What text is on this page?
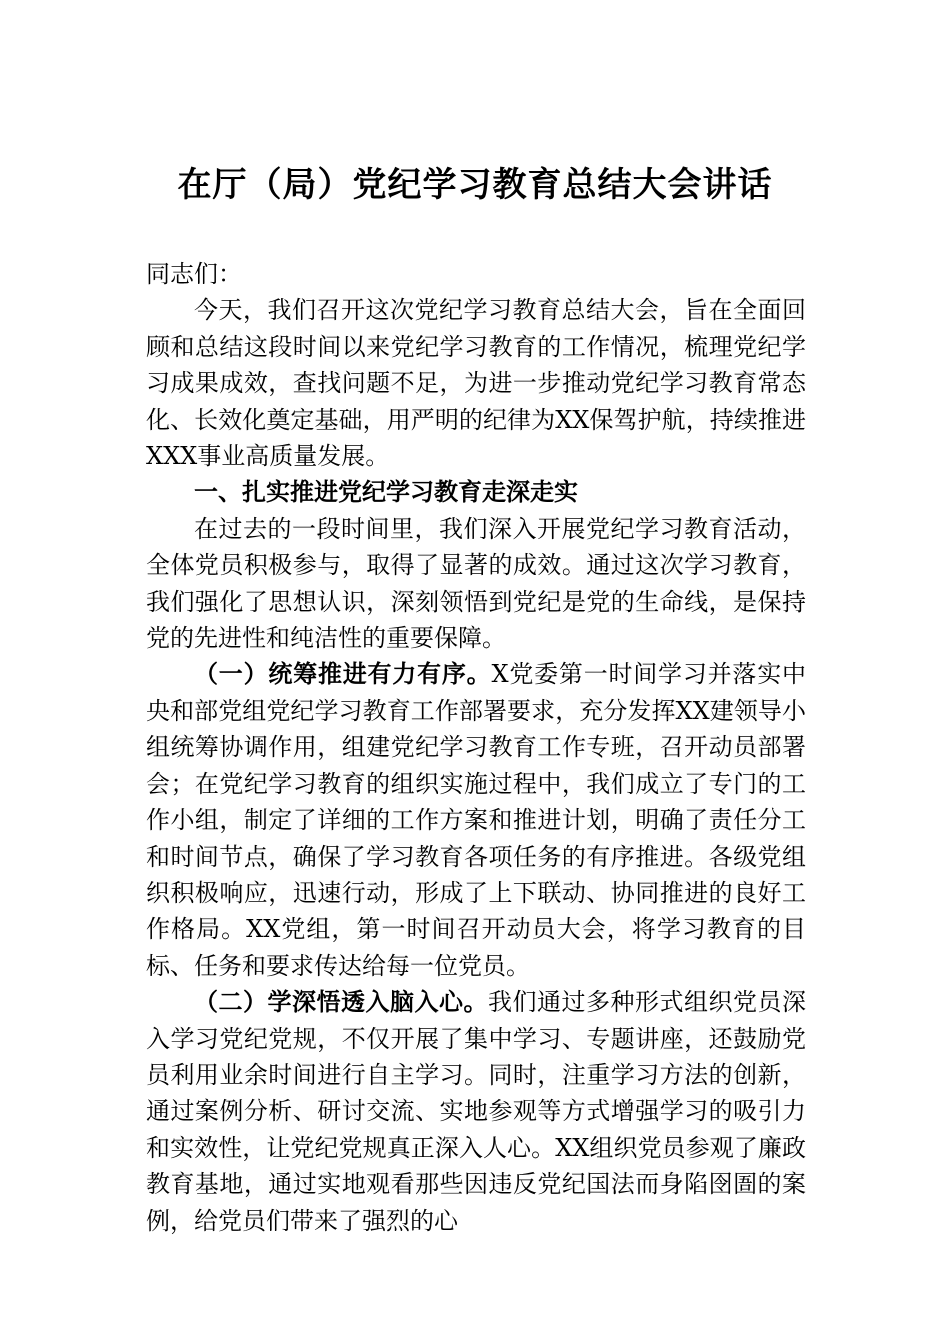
在厅（局）党纪学习教育总结大会讲话

同志们：

今天，我们召开这次党纪学习教育总结大会，旨在全面回顾和总结这段时间以来党纪学习教育的工作情况，梳理党纪学习成果成效，查找问题不足，为进一步推动党纪学习教育常态化、长效化奠定基础，用严明的纪律为XX保驾护航，持续推进XXX事业高质量发展。

一、扎实推进党纪学习教育走深走实

在过去的一段时间里，我们深入开展党纪学习教育活动，全体党员积极参与，取得了显著的成效。通过这次学习教育，我们强化了思想认识，深刻领悟到党纪是党的生命线，是保持党的先进性和纯洁性的重要保障。

（一）统筹推进有力有序。X党委第一时间学习并落实中央和部党组党纪学习教育工作部署要求，充分发挥XX建领导小组统筹协调作用，组建党纪学习教育工作专班，召开动员部署会；在党纪学习教育的组织实施过程中，我们成立了专门的工作小组，制定了详细的工作方案和推进计划，明确了责任分工和时间节点，确保了学习教育各项任务的有序推进。各级党组织积极响应，迅速行动，形成了上下联动、协同推进的良好工作格局。XX党组，第一时间召开动员大会，将学习教育的目标、任务和要求传达给每一位党员。

（二）学深悟透入脑入心。我们通过多种形式组织党员深入学习党纪党规，不仅开展了集中学习、专题讲座，还鼓励党员利用业余时间进行自主学习。同时，注重学习方法的创新，通过案例分析、研讨交流、实地参观等方式增强学习的吸引力和实效性，让党纪党规真正深入人心。XX组织党员参观了廉政教育基地，通过实地观看那些因违反党纪国法而身陷囹圄的案例，给党员们带来了强烈的心
